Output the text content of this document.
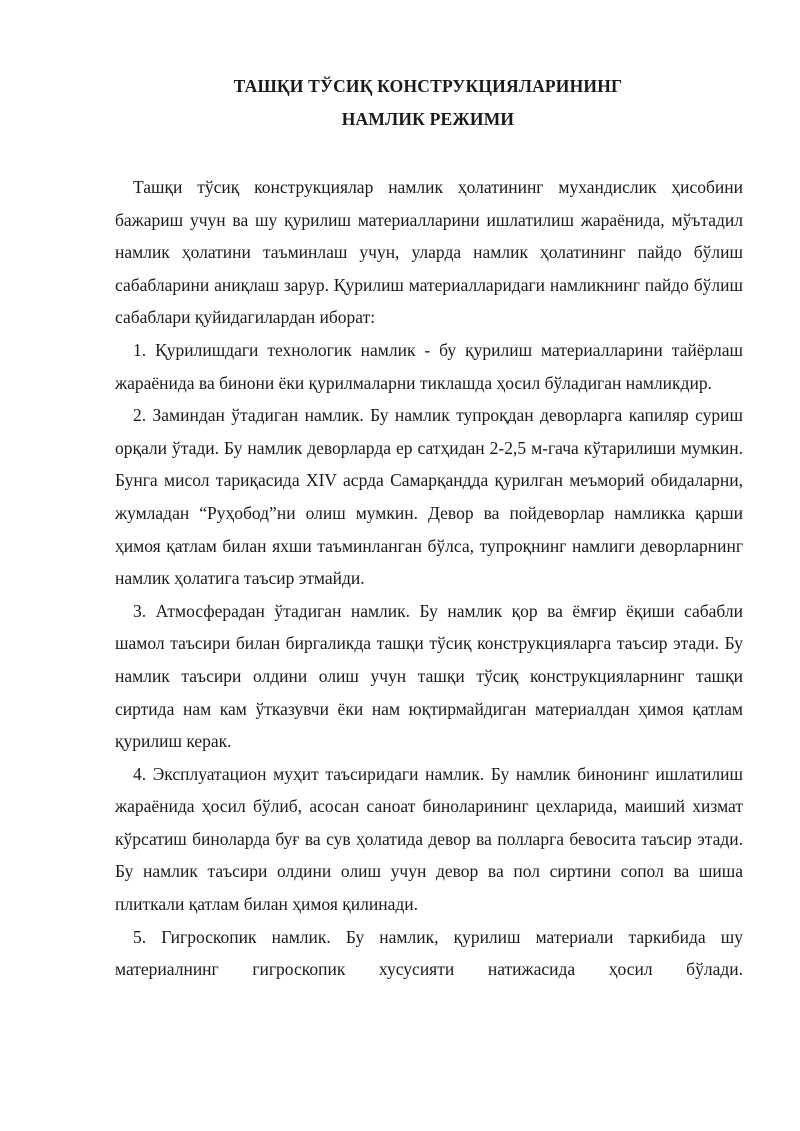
ТАШҚИ ТЎСИҚ КОНСТРУКЦИЯЛАРИНИНГ
НАМЛИК РЕЖИМИ

Ташқи тўсиқ конструкциялар намлик ҳолатининг мухандислик ҳисобини бажариш учун ва шу қурилиш материалларини ишлатилиш жараёнида, мўътадил намлик ҳолатини таъминлаш учун, уларда намлик ҳолатининг пайдо бўлиш сабабларини аниқлаш зарур. Қурилиш материалларидаги намликнинг пайдо бўлиш сабаблари қуйидагилардан иборат:

1. Қурилишдаги технологик намлик - бу қурилиш материалларини тайёрлаш жараёнида ва бинони ёки қурилмаларни тиклашда ҳосил бўладиган намликдир.

2. Заминдан ўтадиган намлик. Бу намлик тупроқдан деворларга капиляр суриш орқали ўтади. Бу намлик деворларда ер сатҳидан 2-2,5 м-гача кўтарилиши мумкин. Бунга мисол тариқасида XIV асрда Самарқандда қурилган меъморий обидаларни, жумладан “Руҳобод”ни олиш мумкин. Девор ва пойдеворлар намликка қарши ҳимоя қатлам билан яхши таъминланган бўлса, тупроқнинг намлиги деворларнинг намлик ҳолатига таъсир этмайди.

3. Атмосферадан ўтадиган намлик. Бу намлик қор ва ёмғир ёқиши сабабли шамол таъсири билан биргаликда ташқи тўсиқ конструкцияларга таъсир этади. Бу намлик таъсири олдини олиш учун ташқи тўсиқ конструкцияларнинг ташқи сиртида нам кам ўтказувчи ёки нам юқтирмайдиган материалдан ҳимоя қатлам қурилиш керак.

4. Эксплуатацион муҳит таъсиридаги намлик. Бу намлик бинонинг ишлатилиш жараёнида ҳосил бўлиб, асосан саноат биноларининг цехларида, маиший хизмат кўрсатиш биноларда буғ ва сув ҳолатида девор ва полларга бевосита таъсир этади. Бу намлик таъсири олдини олиш учун девор ва пол сиртини сопол ва шиша плиткали қатлам билан ҳимоя қилинади.

5. Гигроскопик намлик. Бу намлик, қурилиш материали таркибида шу материалнинг гигроскопик хусусияти натижасида ҳосил бўлади.
